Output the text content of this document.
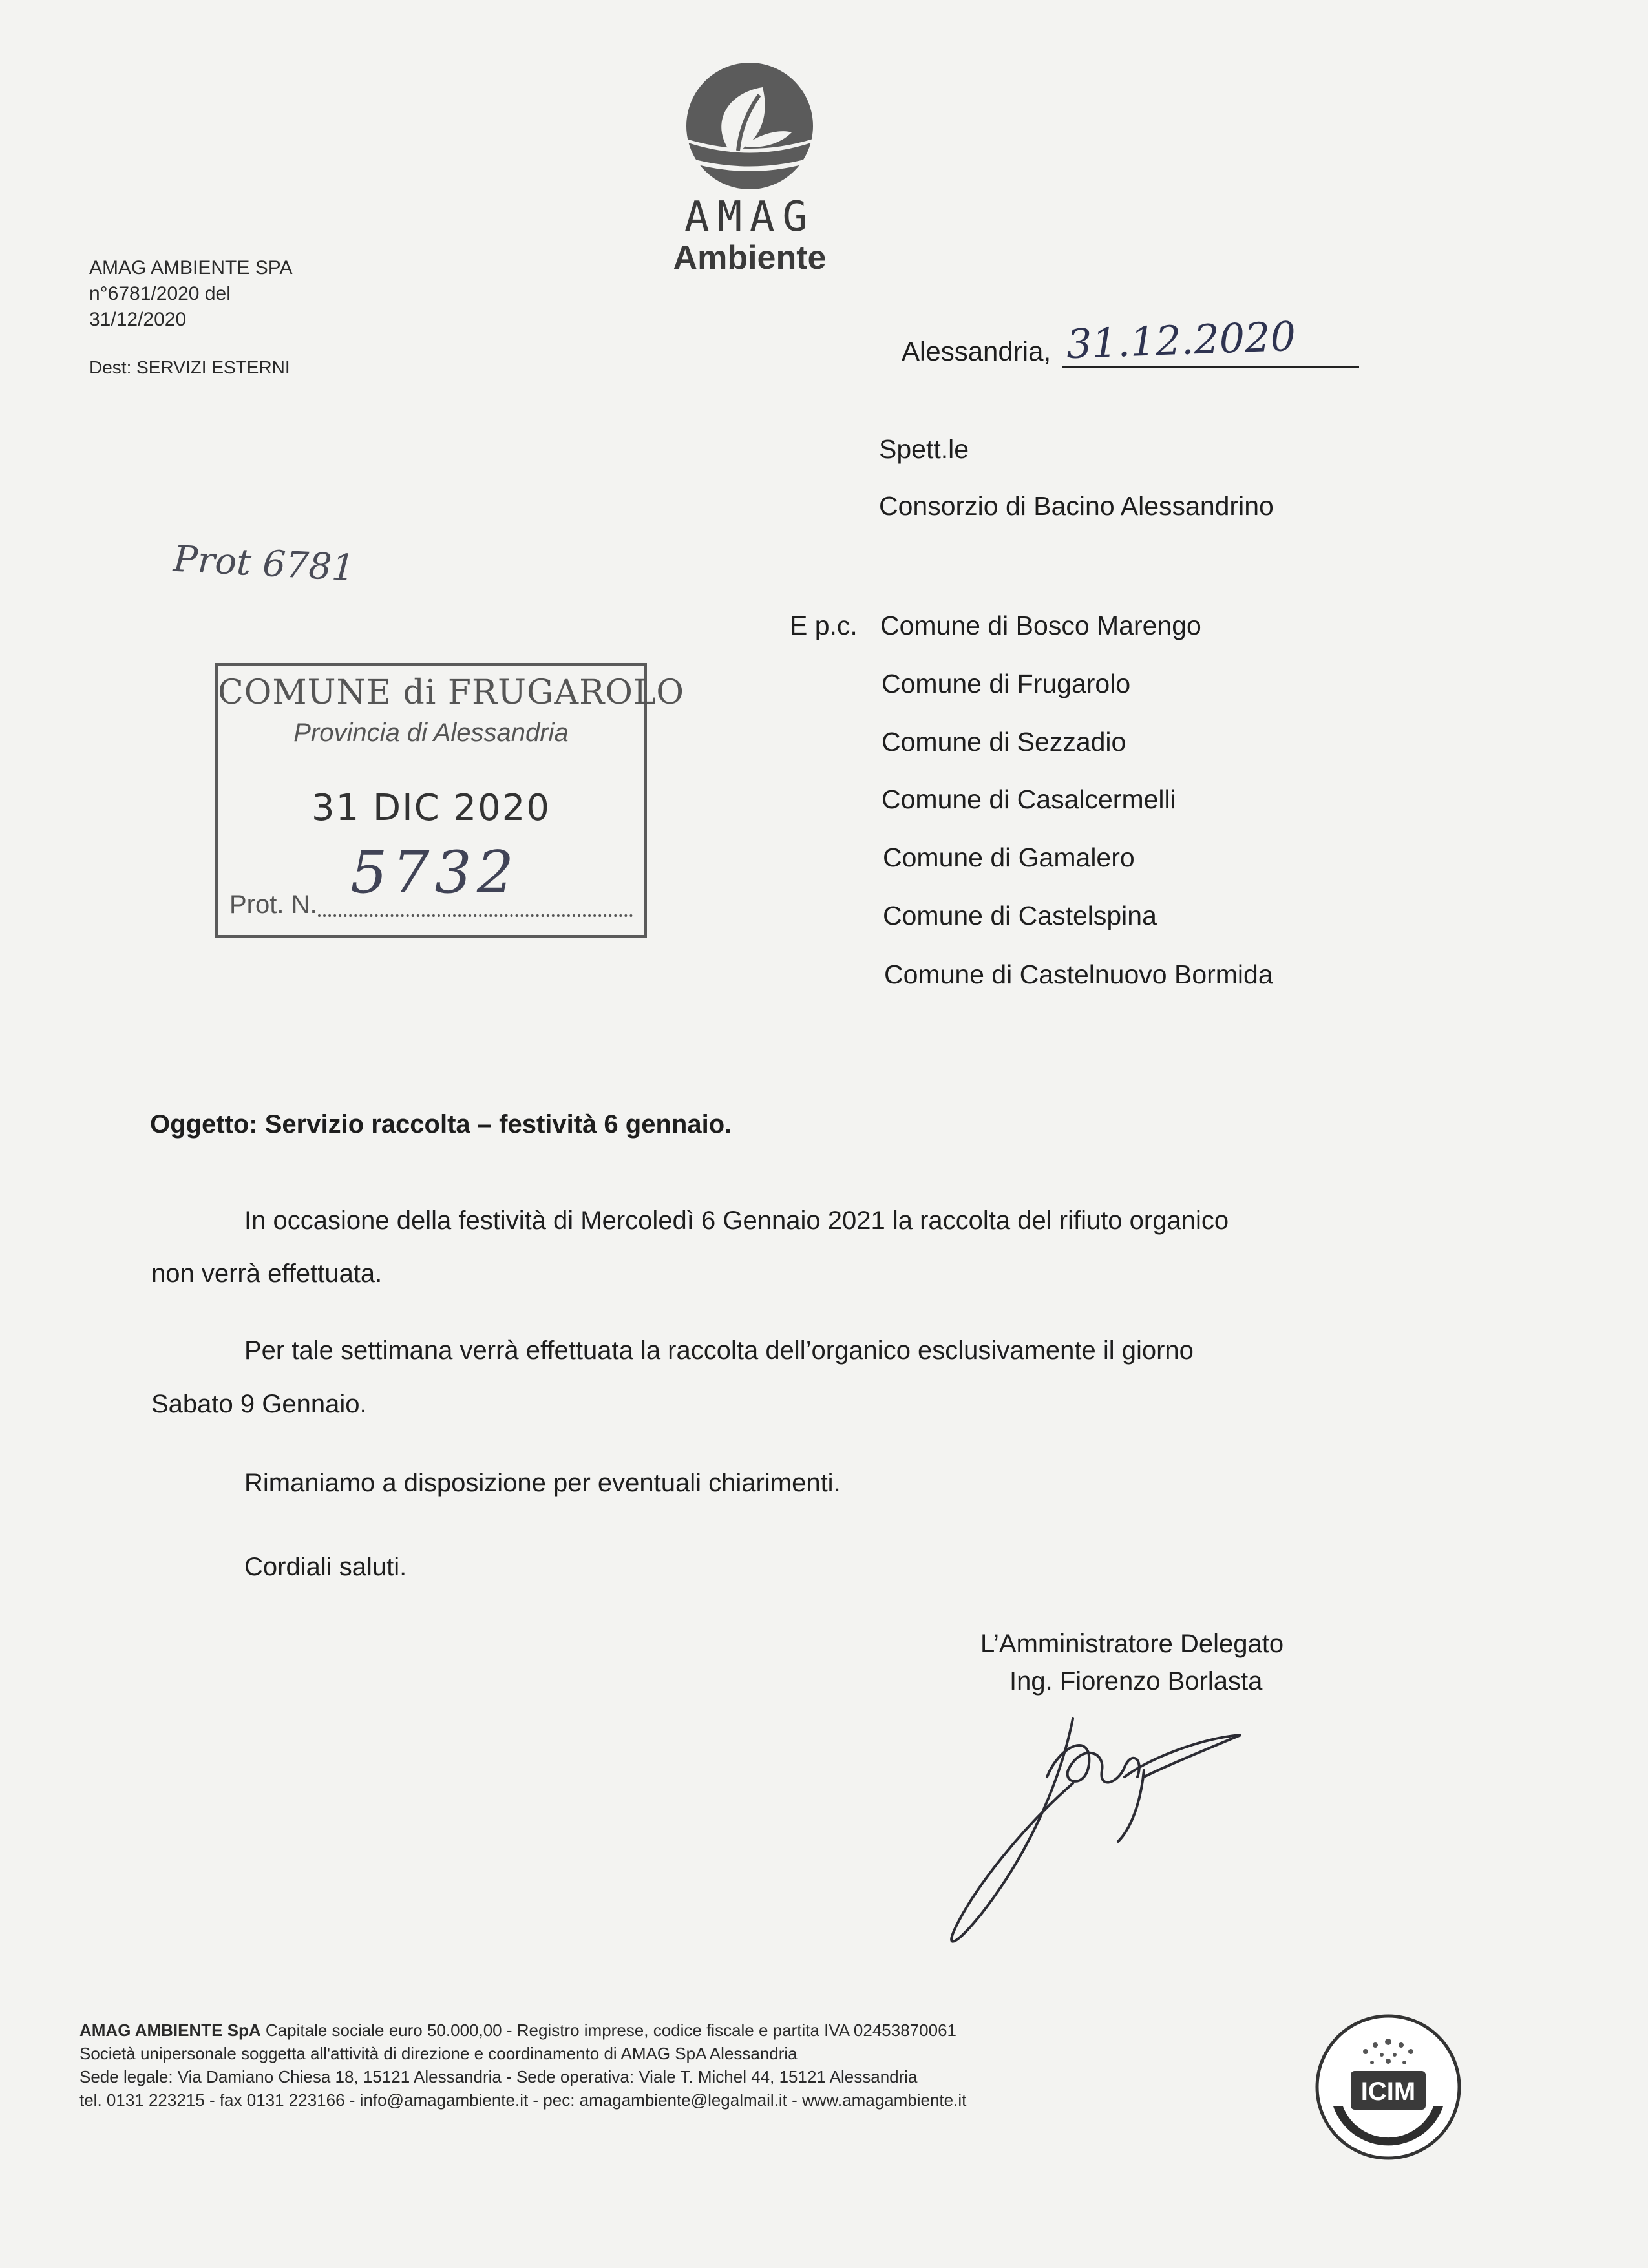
AMAG AMBIENTE SPA
n°6781/2020 del
31/12/2020
Dest: SERVIZI ESTERNI
AMAG
Ambiente
Alessandria, 31.12.2020
Spett.le
Consorzio di Bacino Alessandrino
E p.c. Comune di Bosco Marengo
Comune di Frugarolo
Comune di Sezzadio
Comune di Casalcermelli
Comune di Gamalero
Comune di Castelspina
Comune di Castelnuovo Bormida
Prot 6781
COMUNE di FRUGAROLO
Provincia di Alessandria
31 DIC 2020
5732
Prot. N.
Oggetto: Servizio raccolta – festività 6 gennaio.
In occasione della festività di Mercoledì 6 Gennaio 2021 la raccolta del rifiuto organico
non verrà effettuata.
Per tale settimana verrà effettuata la raccolta dell’organico esclusivamente il giorno
Sabato 9 Gennaio.
Rimaniamo a disposizione per eventuali chiarimenti.
Cordiali saluti.
L’Amministratore Delegato
Ing. Fiorenzo Borlasta
AMAG AMBIENTE SpA Capitale sociale euro 50.000,00 - Registro imprese, codice fiscale e partita IVA 02453870061
Società unipersonale soggetta all'attività di direzione e coordinamento di AMAG SpA Alessandria
Sede legale: Via Damiano Chiesa 18, 15121 Alessandria - Sede operativa: Viale T. Michel 44, 15121 Alessandria
tel. 0131 223215 - fax 0131 223166 - info@amagambiente.it - pec: amagambiente@legalmail.it - www.amagambiente.it	ICIM
